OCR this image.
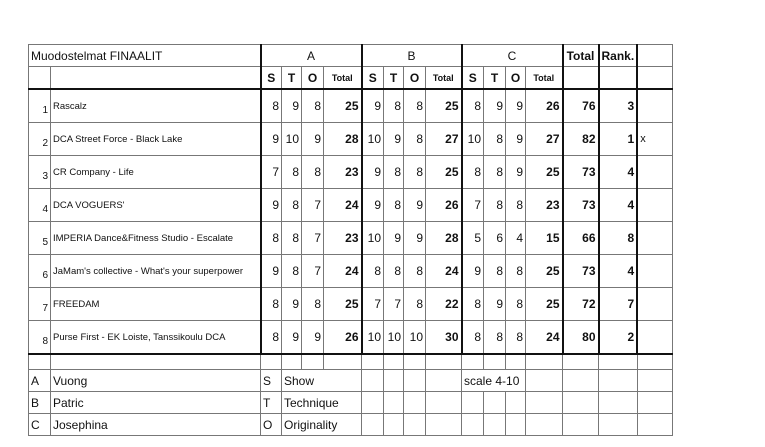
Muodostelmat FINAALIT		A				B				C				Total	Rank.	
		S	T	O	Total	S	T	O	Total	S	T	O	Total			
1	Rascalz	8	9	8	25	9	8	8	25	8	9	9	26	76	3	
2	DCA Street Force - Black Lake	9	10	9	28	10	9	8	27	10	8	9	27	82	1	x
3	CR Company - Life	7	8	8	23	9	8	8	25	8	8	9	25	73	4	
4	DCA VOGUERS'	9	8	7	24	9	8	9	26	7	8	8	23	73	4	
5	IMPERIA Dance&Fitness Studio - Escalate	8	8	7	23	10	9	9	28	5	6	4	15	66	8	
6	JaMam's collective - What's your superpower	9	8	7	24	8	8	8	24	9	8	8	25	73	4	
7	FREEDAM	8	9	8	25	7	7	8	22	8	9	8	25	72	7	
8	Purse First - EK Loiste, Tanssikoulu DCA	8	9	9	26	10	10	10	30	8	8	8	24	80	2	

A	Vuong	S	Show							scale 4-10						
B	Patric	T	Technique													
C	Josephina	O	Originality													
